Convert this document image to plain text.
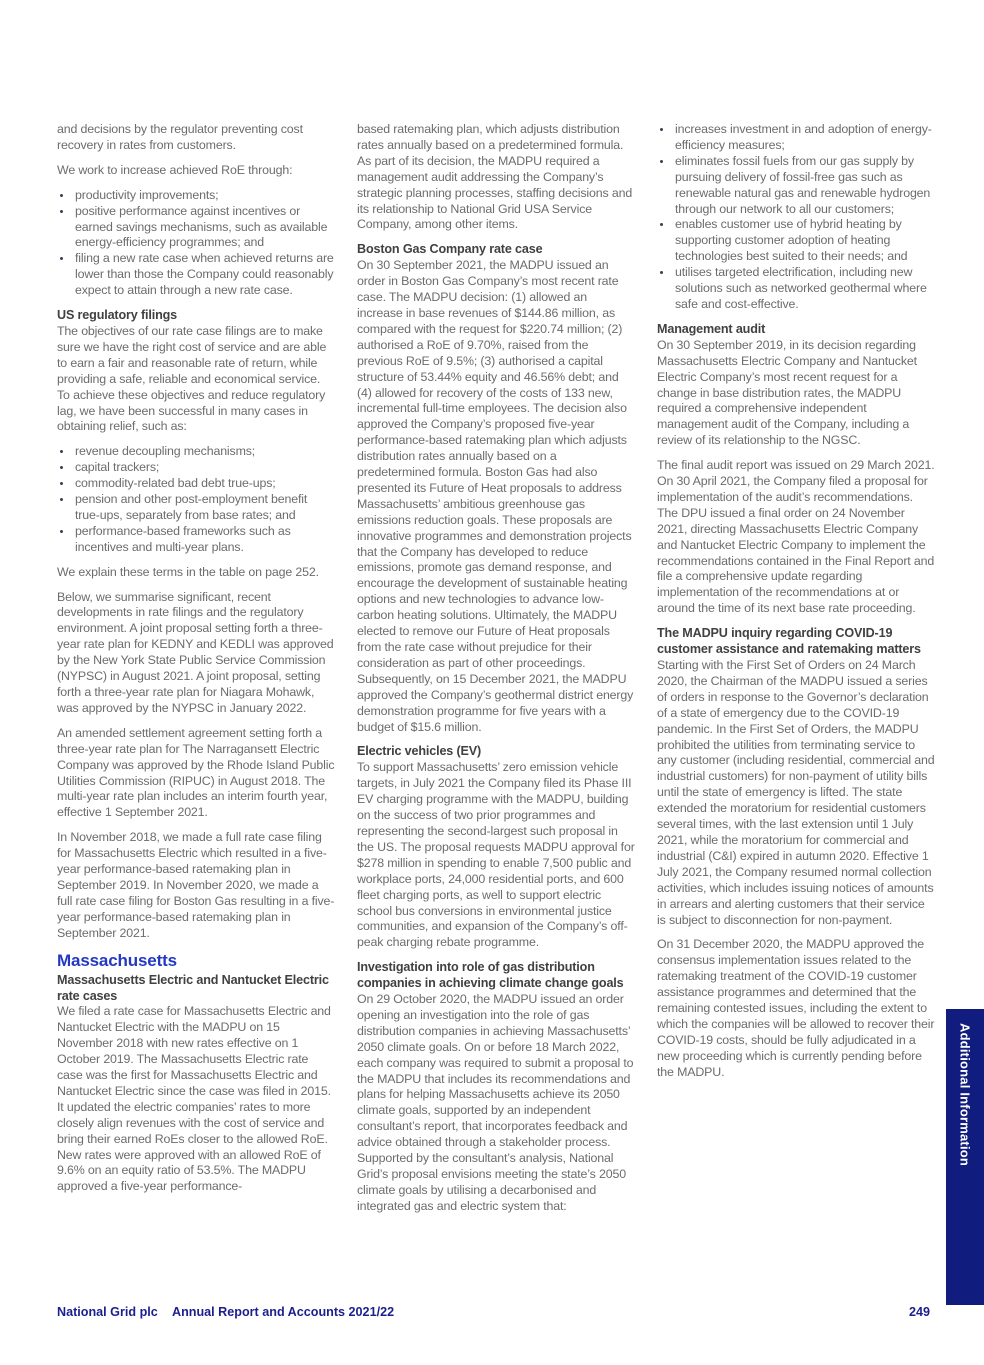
and decisions by the regulator preventing cost recovery in rates from customers.

We work to increase achieved RoE through:

• productivity improvements;
• positive performance against incentives or earned savings mechanisms, such as available energy-efficiency programmes; and
• filing a new rate case when achieved returns are lower than those the Company could reasonably expect to attain through a new rate case.
US regulatory filings

The objectives of our rate case filings are to make sure we have the right cost of service and are able to earn a fair and reasonable rate of return, while providing a safe, reliable and economical service. To achieve these objectives and reduce regulatory lag, we have been successful in many cases in obtaining relief, such as:

• revenue decoupling mechanisms;
• capital trackers;
• commodity-related bad debt true-ups;
• pension and other post-employment benefit true-ups, separately from base rates; and
• performance-based frameworks such as incentives and multi-year plans.

We explain these terms in the table on page 252.

Below, we summarise significant, recent developments in rate filings and the regulatory environment. A joint proposal setting forth a three-year rate plan for KEDNY and KEDLI was approved by the New York State Public Service Commission (NYPSC) in August 2021. A joint proposal, setting forth a three-year rate plan for Niagara Mohawk, was approved by the NYPSC in January 2022.

An amended settlement agreement setting forth a three-year rate plan for The Narragansett Electric Company was approved by the Rhode Island Public Utilities Commission (RIPUC) in August 2018. The multi-year rate plan includes an interim fourth year, effective 1 September 2021.

In November 2018, we made a full rate case filing for Massachusetts Electric which resulted in a five-year performance-based ratemaking plan in September 2019. In November 2020, we made a full rate case filing for Boston Gas resulting in a five-year performance-based ratemaking plan in September 2021.

Massachusetts
Massachusetts Electric and Nantucket Electric rate cases

We filed a rate case for Massachusetts Electric and Nantucket Electric with the MADPU on 15 November 2018 with new rates effective on 1 October 2019. The Massachusetts Electric rate case was the first for Massachusetts Electric and Nantucket Electric since the case was filed in 2015. It updated the electric companies’ rates to more closely align revenues with the cost of service and bring their earned RoEs closer to the allowed RoE. New rates were approved with an allowed RoE of 9.6% on an equity ratio of 53.5%. The MADPU approved a five-year performance-

based ratemaking plan, which adjusts distribution rates annually based on a predetermined formula. As part of its decision, the MADPU required a management audit addressing the Company’s strategic planning processes, staffing decisions and its relationship to National Grid USA Service Company, among other items.

Boston Gas Company rate case

On 30 September 2021, the MADPU issued an order in Boston Gas Company’s most recent rate case. The MADPU decision: (1) allowed an increase in base revenues of $144.86 million, as compared with the request for $220.74 million; (2) authorised a RoE of 9.70%, raised from the previous RoE of 9.5%; (3) authorised a capital structure of 53.44% equity and 46.56% debt; and (4) allowed for recovery of the costs of 133 new, incremental full-time employees. The decision also approved the Company’s proposed five-year performance-based ratemaking plan which adjusts distribution rates annually based on a predetermined formula. Boston Gas had also presented its Future of Heat proposals to address Massachusetts’ ambitious greenhouse gas emissions reduction goals. These proposals are innovative programmes and demonstration projects that the Company has developed to reduce emissions, promote gas demand response, and encourage the development of sustainable heating options and new technologies to advance low-carbon heating solutions. Ultimately, the MADPU elected to remove our Future of Heat proposals from the rate case without prejudice for their consideration as part of other proceedings. Subsequently, on 15 December 2021, the MADPU approved the Company’s geothermal district energy demonstration programme for five years with a budget of $15.6 million.

Electric vehicles (EV)

To support Massachusetts’ zero emission vehicle targets, in July 2021 the Company filed its Phase III EV charging programme with the MADPU, building on the success of two prior programmes and representing the second-largest such proposal in the US. The proposal requests MADPU approval for $278 million in spending to enable 7,500 public and workplace ports, 24,000 residential ports, and 600 fleet charging ports, as well to support electric school bus conversions in environmental justice communities, and expansion of the Company’s off-peak charging rebate programme.

Investigation into role of gas distribution companies in achieving climate change goals

On 29 October 2020, the MADPU issued an order opening an investigation into the role of gas distribution companies in achieving Massachusetts’ 2050 climate goals. On or before 18 March 2022, each company was required to submit a proposal to the MADPU that includes its recommendations and plans for helping Massachusetts achieve its 2050 climate goals, supported by an independent consultant’s report, that incorporates feedback and advice obtained through a stakeholder process. Supported by the consultant’s analysis, National Grid’s proposal envisions meeting the state’s 2050 climate goals by utilising a decarbonised and integrated gas and electric system that:

• increases investment in and adoption of energy-efficiency measures;
• eliminates fossil fuels from our gas supply by pursuing delivery of fossil-free gas such as renewable natural gas and renewable hydrogen through our network to all our customers;
• enables customer use of hybrid heating by supporting customer adoption of heating technologies best suited to their needs; and
• utilises targeted electrification, including new solutions such as networked geothermal where safe and cost-effective.
Management audit

On 30 September 2019, in its decision regarding Massachusetts Electric Company and Nantucket Electric Company’s most recent request for a change in base distribution rates, the MADPU required a comprehensive independent management audit of the Company, including a review of its relationship to the NGSC.

The final audit report was issued on 29 March 2021. On 30 April 2021, the Company filed a proposal for implementation of the audit’s recommendations. The DPU issued a final order on 24 November 2021, directing Massachusetts Electric Company and Nantucket Electric Company to implement the recommendations contained in the Final Report and file a comprehensive update regarding implementation of the recommendations at or around the time of its next base rate proceeding.

The MADPU inquiry regarding COVID-19 customer assistance and ratemaking matters

Starting with the First Set of Orders on 24 March 2020, the Chairman of the MADPU issued a series of orders in response to the Governor’s declaration of a state of emergency due to the COVID-19 pandemic. In the First Set of Orders, the MADPU prohibited the utilities from terminating service to any customer (including residential, commercial and industrial customers) for non-payment of utility bills until the state of emergency is lifted. The state extended the moratorium for residential customers several times, with the last extension until 1 July 2021, while the moratorium for commercial and industrial (C&I) expired in autumn 2020. Effective 1 July 2021, the Company resumed normal collection activities, which includes issuing notices of amounts in arrears and alerting customers that their service is subject to disconnection for non-payment.

On 31 December 2020, the MADPU approved the consensus implementation issues related to the ratemaking treatment of the COVID-19 customer assistance programmes and determined that the remaining contested issues, including the extent to which the companies will be allowed to recover their COVID-19 costs, should be fully adjudicated in a new proceeding which is currently pending before the MADPU.

National Grid plc Annual Report and Accounts 2021/22	249
Additional Information
